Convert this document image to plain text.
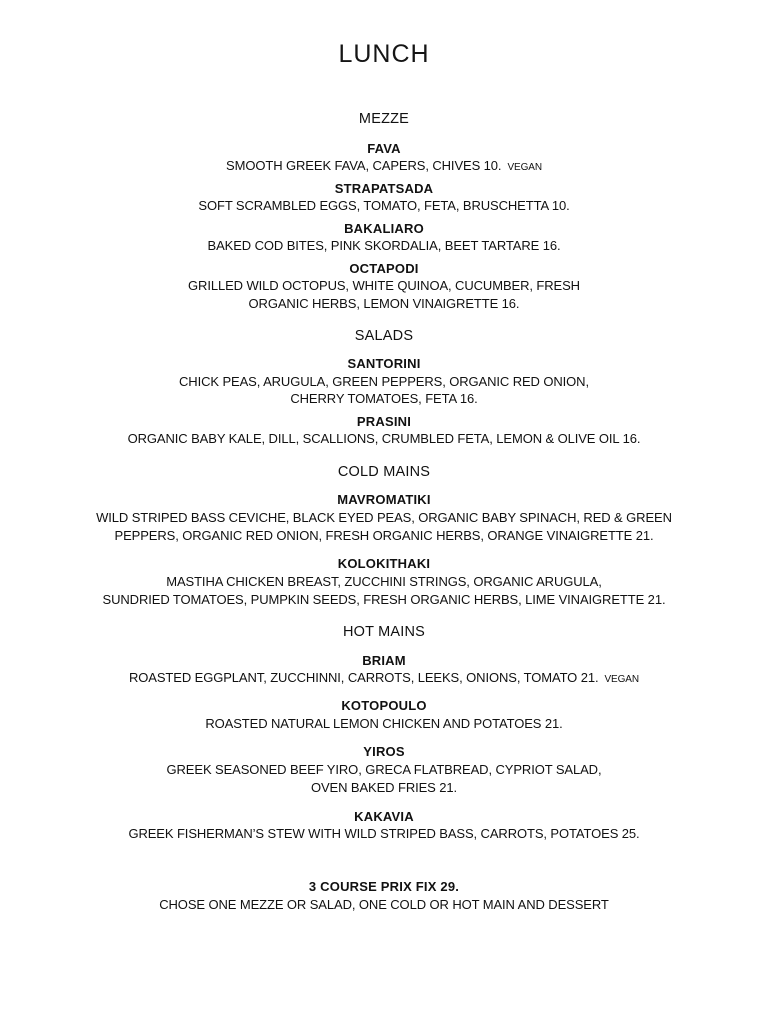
LUNCH
MEZZE
FAVA
SMOOTH GREEK FAVA, CAPERS, CHIVES 10. VEGAN
STRAPATSADA
SOFT SCRAMBLED EGGS, TOMATO, FETA, BRUSCHETTA 10.
BAKALIARO
BAKED COD BITES, PINK SKORDALIA, BEET TARTARE 16.
OCTAPODI
GRILLED WILD OCTOPUS, WHITE QUINOA, CUCUMBER, FRESH
ORGANIC HERBS, LEMON VINAIGRETTE 16.
SALADS
SANTORINI
CHICK PEAS, ARUGULA, GREEN PEPPERS, ORGANIC RED ONION,
CHERRY TOMATOES, FETA 16.
PRASINI
ORGANIC BABY KALE, DILL, SCALLIONS, CRUMBLED FETA, LEMON & OLIVE OIL 16.
COLD MAINS
MAVROMATIKI
WILD STRIPED BASS CEVICHE, BLACK EYED PEAS, ORGANIC BABY SPINACH, RED & GREEN
PEPPERS, ORGANIC RED ONION, FRESH ORGANIC HERBS, ORANGE VINAIGRETTE 21.
KOLOKITHAKI
MASTIHA CHICKEN BREAST, ZUCCHINI STRINGS, ORGANIC ARUGULA,
SUNDRIED TOMATOES, PUMPKIN SEEDS, FRESH ORGANIC HERBS, LIME VINAIGRETTE 21.
HOT MAINS
BRIAM
ROASTED EGGPLANT, ZUCCHINNI, CARROTS, LEEKS, ONIONS, TOMATO 21. VEGAN
KOTOPOULO
ROASTED NATURAL LEMON CHICKEN AND POTATOES 21.
YIROS
GREEK SEASONED BEEF YIRO, GRECA FLATBREAD, CYPRIOT SALAD,
OVEN BAKED FRIES 21.
KAKAVIA
GREEK FISHERMAN’S STEW WITH WILD STRIPED BASS, CARROTS, POTATOES 25.
3 COURSE PRIX FIX 29.
CHOSE ONE MEZZE OR SALAD, ONE COLD OR HOT MAIN AND DESSERT
